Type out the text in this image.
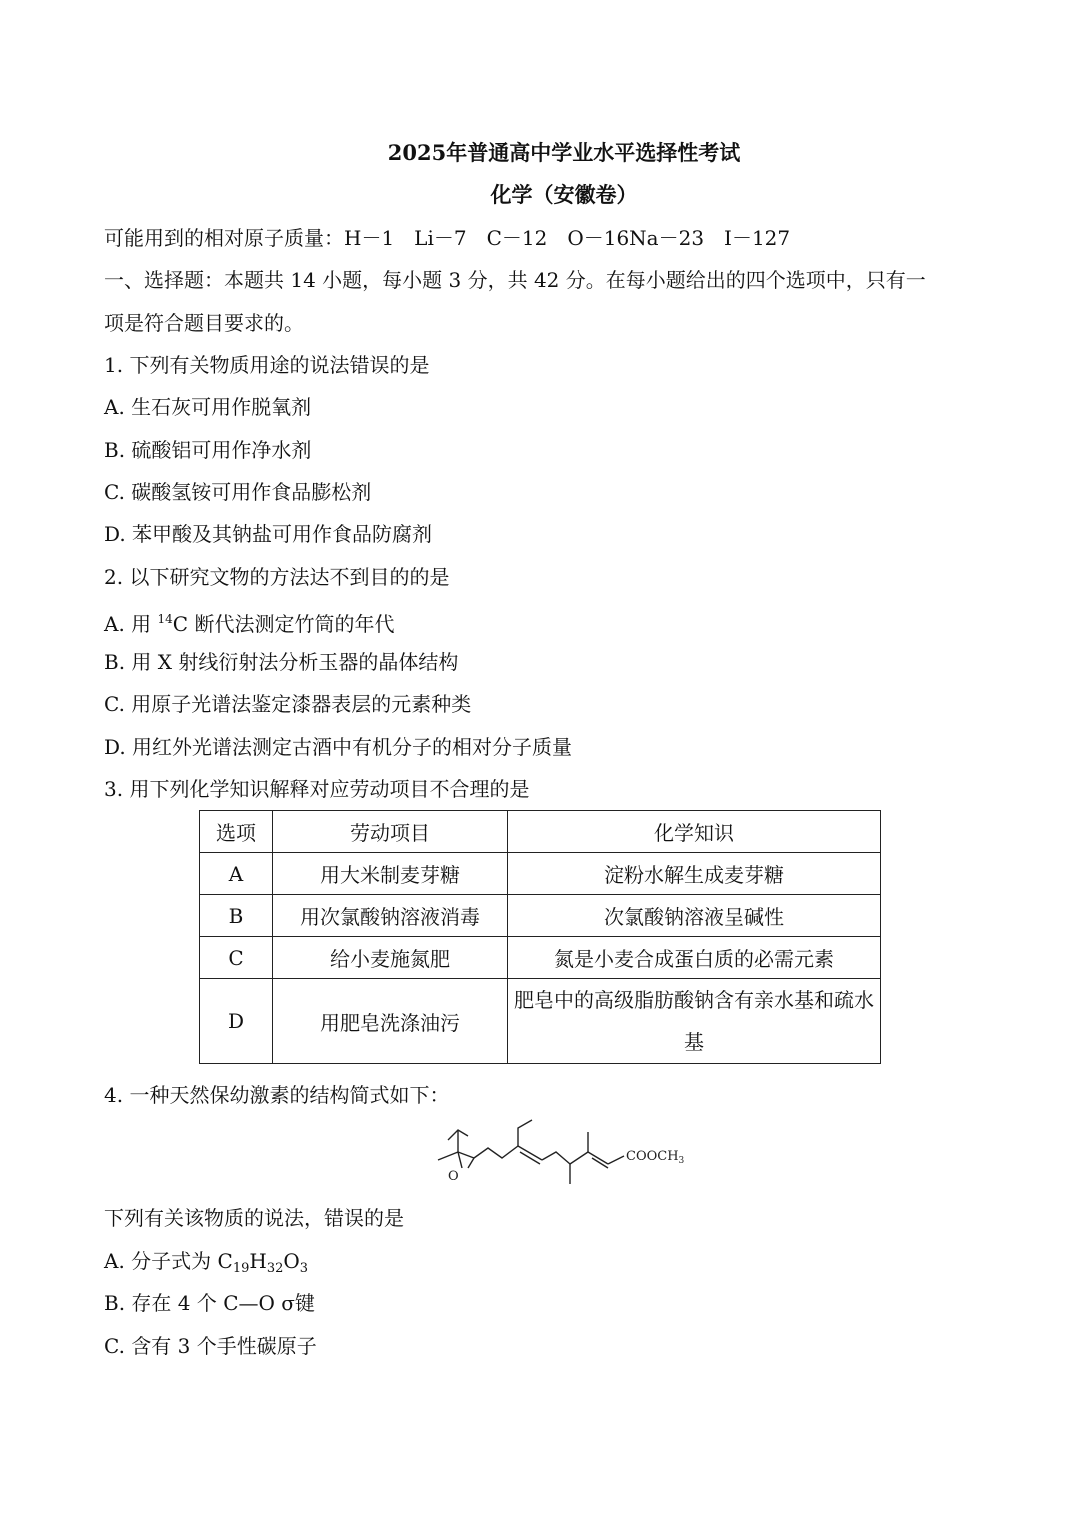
2025年普通高中学业水平选择性考试
化学（安徽卷）
可能用到的相对原子质量：H－1　Li－7　C－12　O－16Na－23　I－127
一、选择题：本题共 14 小题，每小题 3 分，共 42 分。在每小题给出的四个选项中，只有一
项是符合题目要求的。
1. 下列有关物质用途的说法错误的是
A. 生石灰可用作脱氧剂
B. 硫酸铝可用作净水剂
C. 碳酸氢铵可用作食品膨松剂
D. 苯甲酸及其钠盐可用作食品防腐剂
2. 以下研究文物的方法达不到目的的是
A. 用 $^{14}$C 断代法测定竹筒的年代
B. 用 X 射线衍射法分析玉器的晶体结构
C. 用原子光谱法鉴定漆器表层的元素种类
D. 用红外光谱法测定古酒中有机分子的相对分子质量
3. 用下列化学知识解释对应劳动项目不合理的是
选项	劳动项目	化学知识
A	用大米制麦芽糖	淀粉水解生成麦芽糖
B	用次氯酸钠溶液消毒	次氯酸钠溶液呈碱性
C	给小麦施氮肥	氮是小麦合成蛋白质的必需元素
D	用肥皂洗涤油污	肥皂中的高级脂肪酸钠含有亲水基和疏水基
4. 一种天然保幼激素的结构简式如下：
O
$COOCH_3$
下列有关该物质的说法，错误的是
A. 分子式为 $C_{19}H_{32}O_3$
B. 存在 4 个 C—O σ键
C. 含有 3 个手性碳原子
